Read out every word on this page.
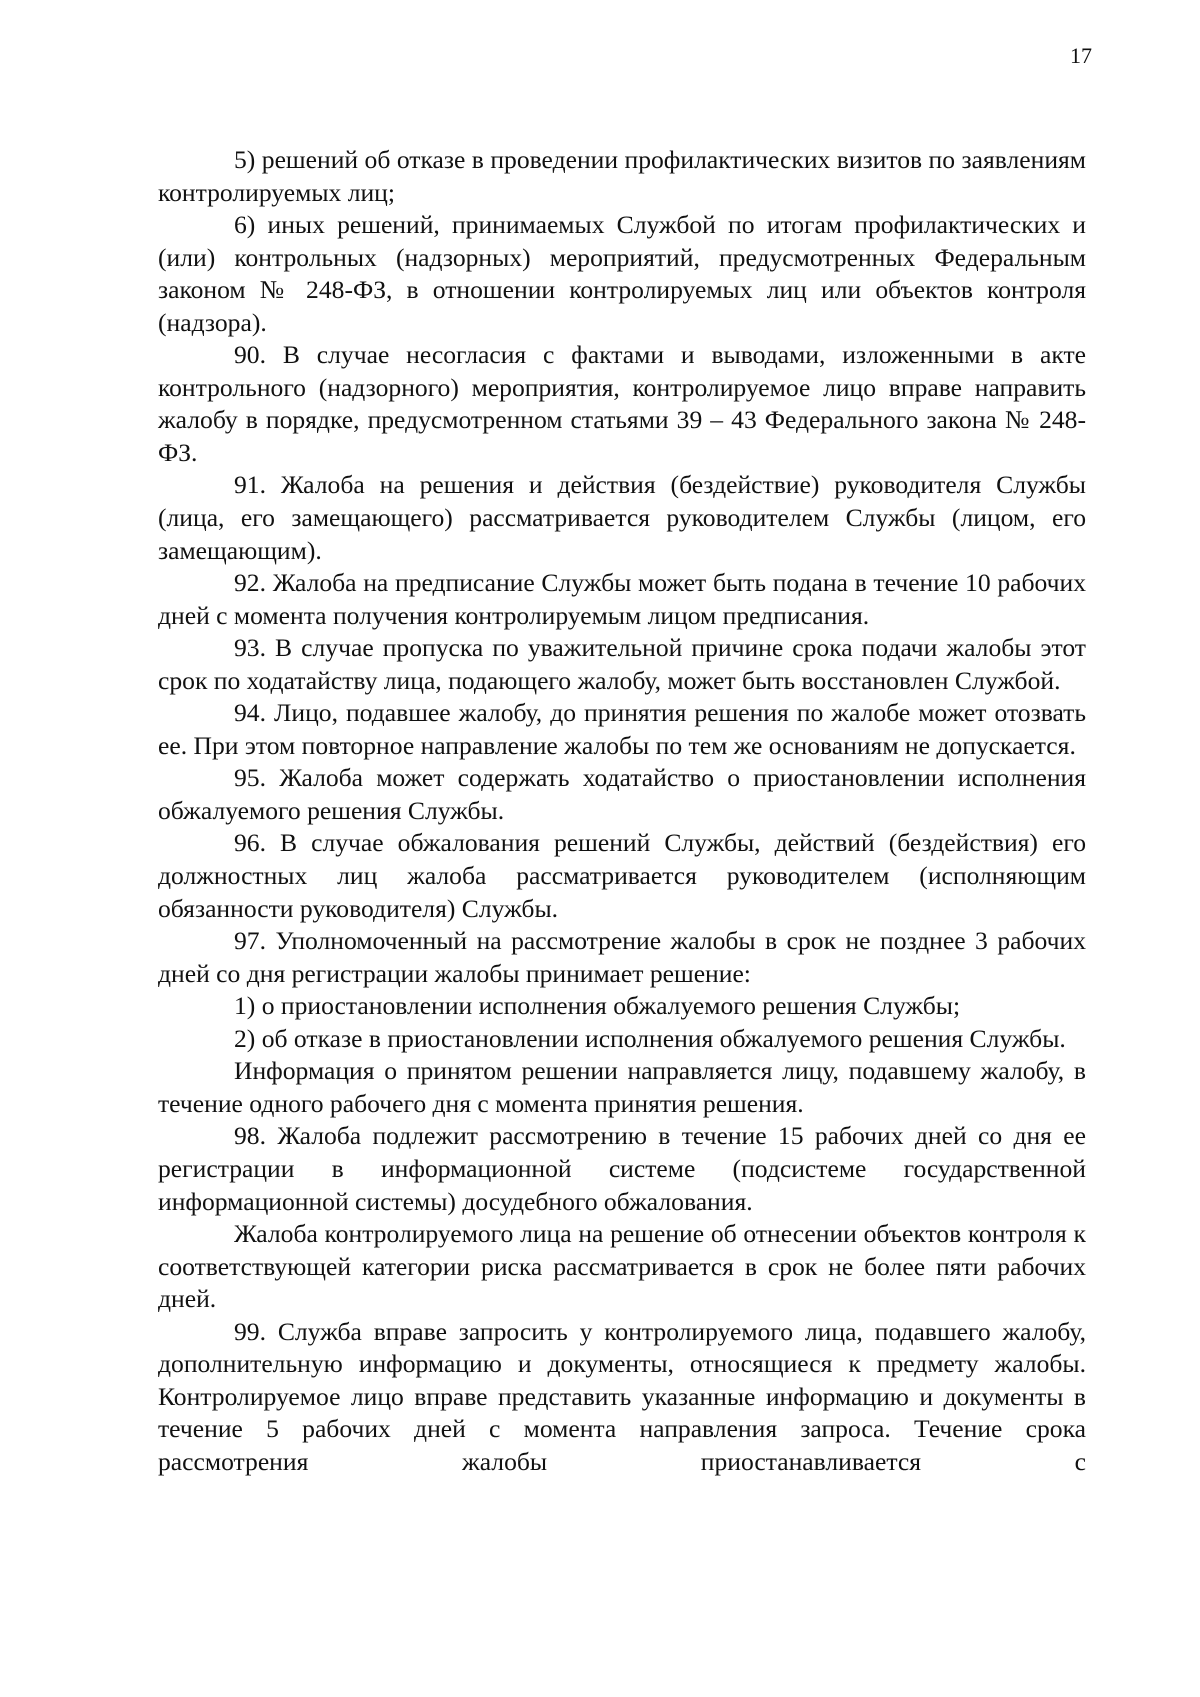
17

5) решений об отказе в проведении профилактических визитов по заявлениям контролируемых лиц;

6) иных решений, принимаемых Службой по итогам профилактических и (или) контрольных (надзорных) мероприятий, предусмотренных Федеральным законом № 248-ФЗ, в отношении контролируемых лиц или объектов контроля (надзора).

90. В случае несогласия с фактами и выводами, изложенными в акте контрольного (надзорного) мероприятия, контролируемое лицо вправе направить жалобу в порядке, предусмотренном статьями 39 – 43 Федерального закона № 248-ФЗ.

91. Жалоба на решения и действия (бездействие) руководителя Службы (лица, его замещающего) рассматривается руководителем Службы (лицом, его замещающим).

92. Жалоба на предписание Службы может быть подана в течение 10 рабочих дней с момента получения контролируемым лицом предписания.

93. В случае пропуска по уважительной причине срока подачи жалобы этот срок по ходатайству лица, подающего жалобу, может быть восстановлен Службой.

94. Лицо, подавшее жалобу, до принятия решения по жалобе может отозвать ее. При этом повторное направление жалобы по тем же основаниям не допускается.

95. Жалоба может содержать ходатайство о приостановлении исполнения обжалуемого решения Службы.

96. В случае обжалования решений Службы, действий (бездействия) его должностных лиц жалоба рассматривается руководителем (исполняющим обязанности руководителя) Службы.

97. Уполномоченный на рассмотрение жалобы в срок не позднее 3 рабочих дней со дня регистрации жалобы принимает решение:

1) о приостановлении исполнения обжалуемого решения Службы;

2) об отказе в приостановлении исполнения обжалуемого решения Службы.

Информация о принятом решении направляется лицу, подавшему жалобу, в течение одного рабочего дня с момента принятия решения.

98. Жалоба подлежит рассмотрению в течение 15 рабочих дней со дня ее регистрации в информационной системе (подсистеме государственной информационной системы) досудебного обжалования.

Жалоба контролируемого лица на решение об отнесении объектов контроля к соответствующей категории риска рассматривается в срок не более пяти рабочих дней.

99. Служба вправе запросить у контролируемого лица, подавшего жалобу, дополнительную информацию и документы, относящиеся к предмету жалобы. Контролируемое лицо вправе представить указанные информацию и документы в течение 5 рабочих дней с момента направления запроса. Течение срока рассмотрения жалобы приостанавливается с
